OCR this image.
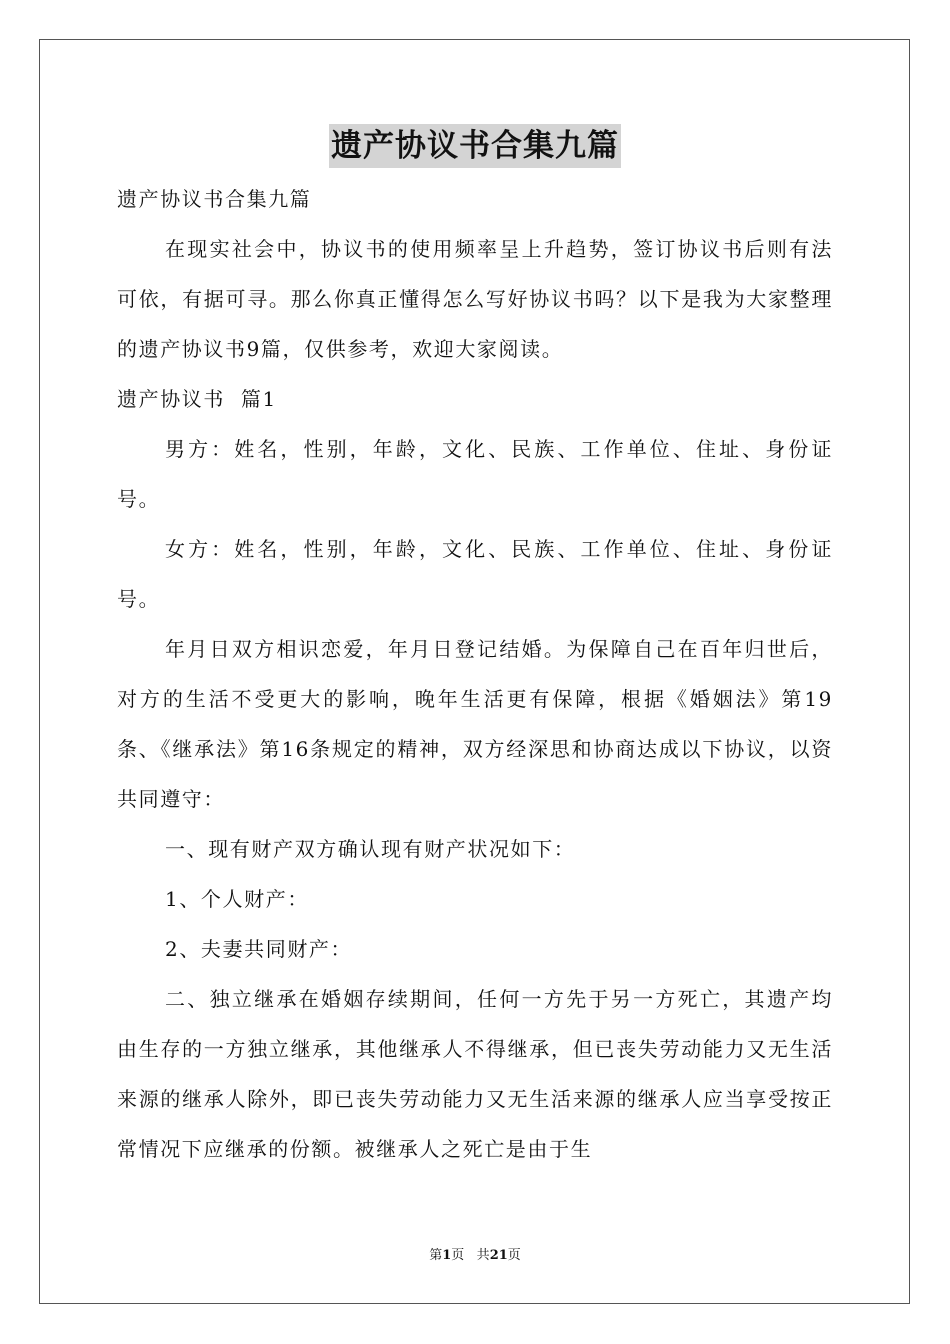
遗产协议书合集九篇
遗产协议书合集九篇
在现实社会中，协议书的使用频率呈上升趋势，签订协议书后则有法可依，有据可寻。那么你真正懂得怎么写好协议书吗？以下是我为大家整理的遗产协议书9篇，仅供参考，欢迎大家阅读。
遗产协议书  篇1
男方：姓名，性别，年龄，文化、民族、工作单位、住址、身份证号。
女方：姓名，性别，年龄，文化、民族、工作单位、住址、身份证号。
年月日双方相识恋爱，年月日登记结婚。为保障自己在百年归世后，对方的生活不受更大的影响，晚年生活更有保障，根据《婚姻法》第19条、《继承法》第16条规定的精神，双方经深思和协商达成以下协议，以资共同遵守：
一、现有财产双方确认现有财产状况如下：
1、个人财产：
2、夫妻共同财产：
二、独立继承在婚姻存续期间，任何一方先于另一方死亡，其遗产均由生存的一方独立继承，其他继承人不得继承，但已丧失劳动能力又无生活来源的继承人除外，即已丧失劳动能力又无生活来源的继承人应当享受按正常情况下应继承的份额。被继承人之死亡是由于生
第1页 共21页
